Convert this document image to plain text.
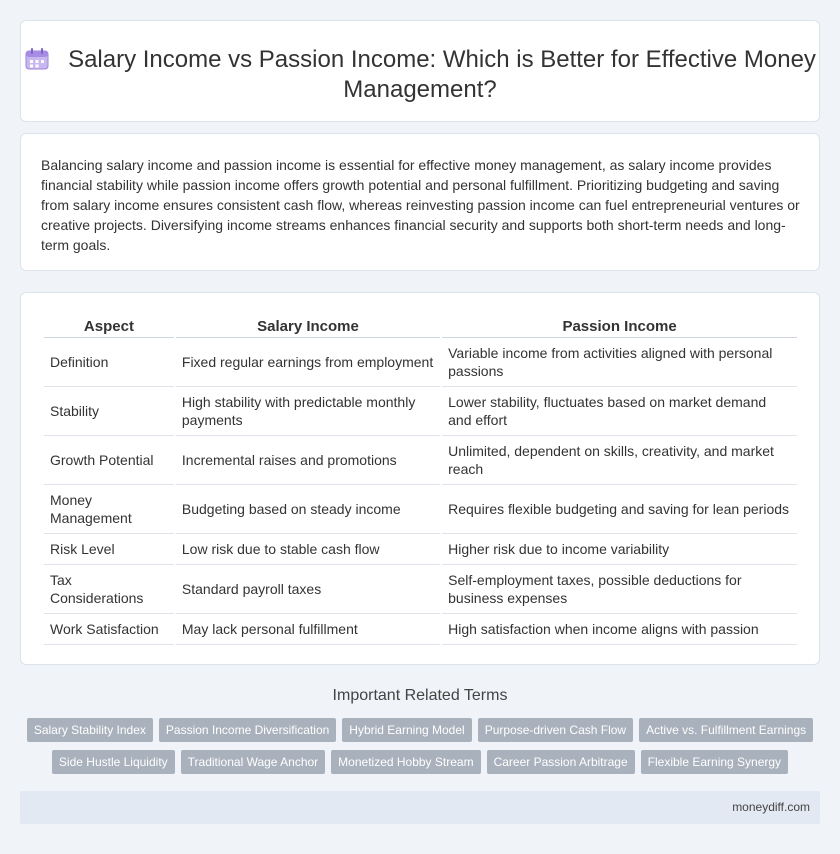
Salary Income vs Passion Income: Which is Better for Effective Money Management?

Balancing salary income and passion income is essential for effective money management, as salary income provides financial stability while passion income offers growth potential and personal fulfillment. Prioritizing budgeting and saving from salary income ensures consistent cash flow, whereas reinvesting passion income can fuel entrepreneurial ventures or creative projects. Diversifying income streams enhances financial security and supports both short-term needs and long-term goals.

Aspect	Salary Income	Passion Income
Definition	Fixed regular earnings from employment	Variable income from activities aligned with personal passions
Stability	High stability with predictable monthly payments	Lower stability, fluctuates based on market demand and effort
Growth Potential	Incremental raises and promotions	Unlimited, dependent on skills, creativity, and market reach
Money Management	Budgeting based on steady income	Requires flexible budgeting and saving for lean periods
Risk Level	Low risk due to stable cash flow	Higher risk due to income variability
Tax Considerations	Standard payroll taxes	Self-employment taxes, possible deductions for business expenses
Work Satisfaction	May lack personal fulfillment	High satisfaction when income aligns with passion
Important Related Terms
Salary Stability Index	Passion Income Diversification	Hybrid Earning Model	Purpose-driven Cash Flow	Active vs. Fulfillment Earnings
Side Hustle Liquidity	Traditional Wage Anchor	Monetized Hobby Stream	Career Passion Arbitrage	Flexible Earning Synergy
moneydiff.com
